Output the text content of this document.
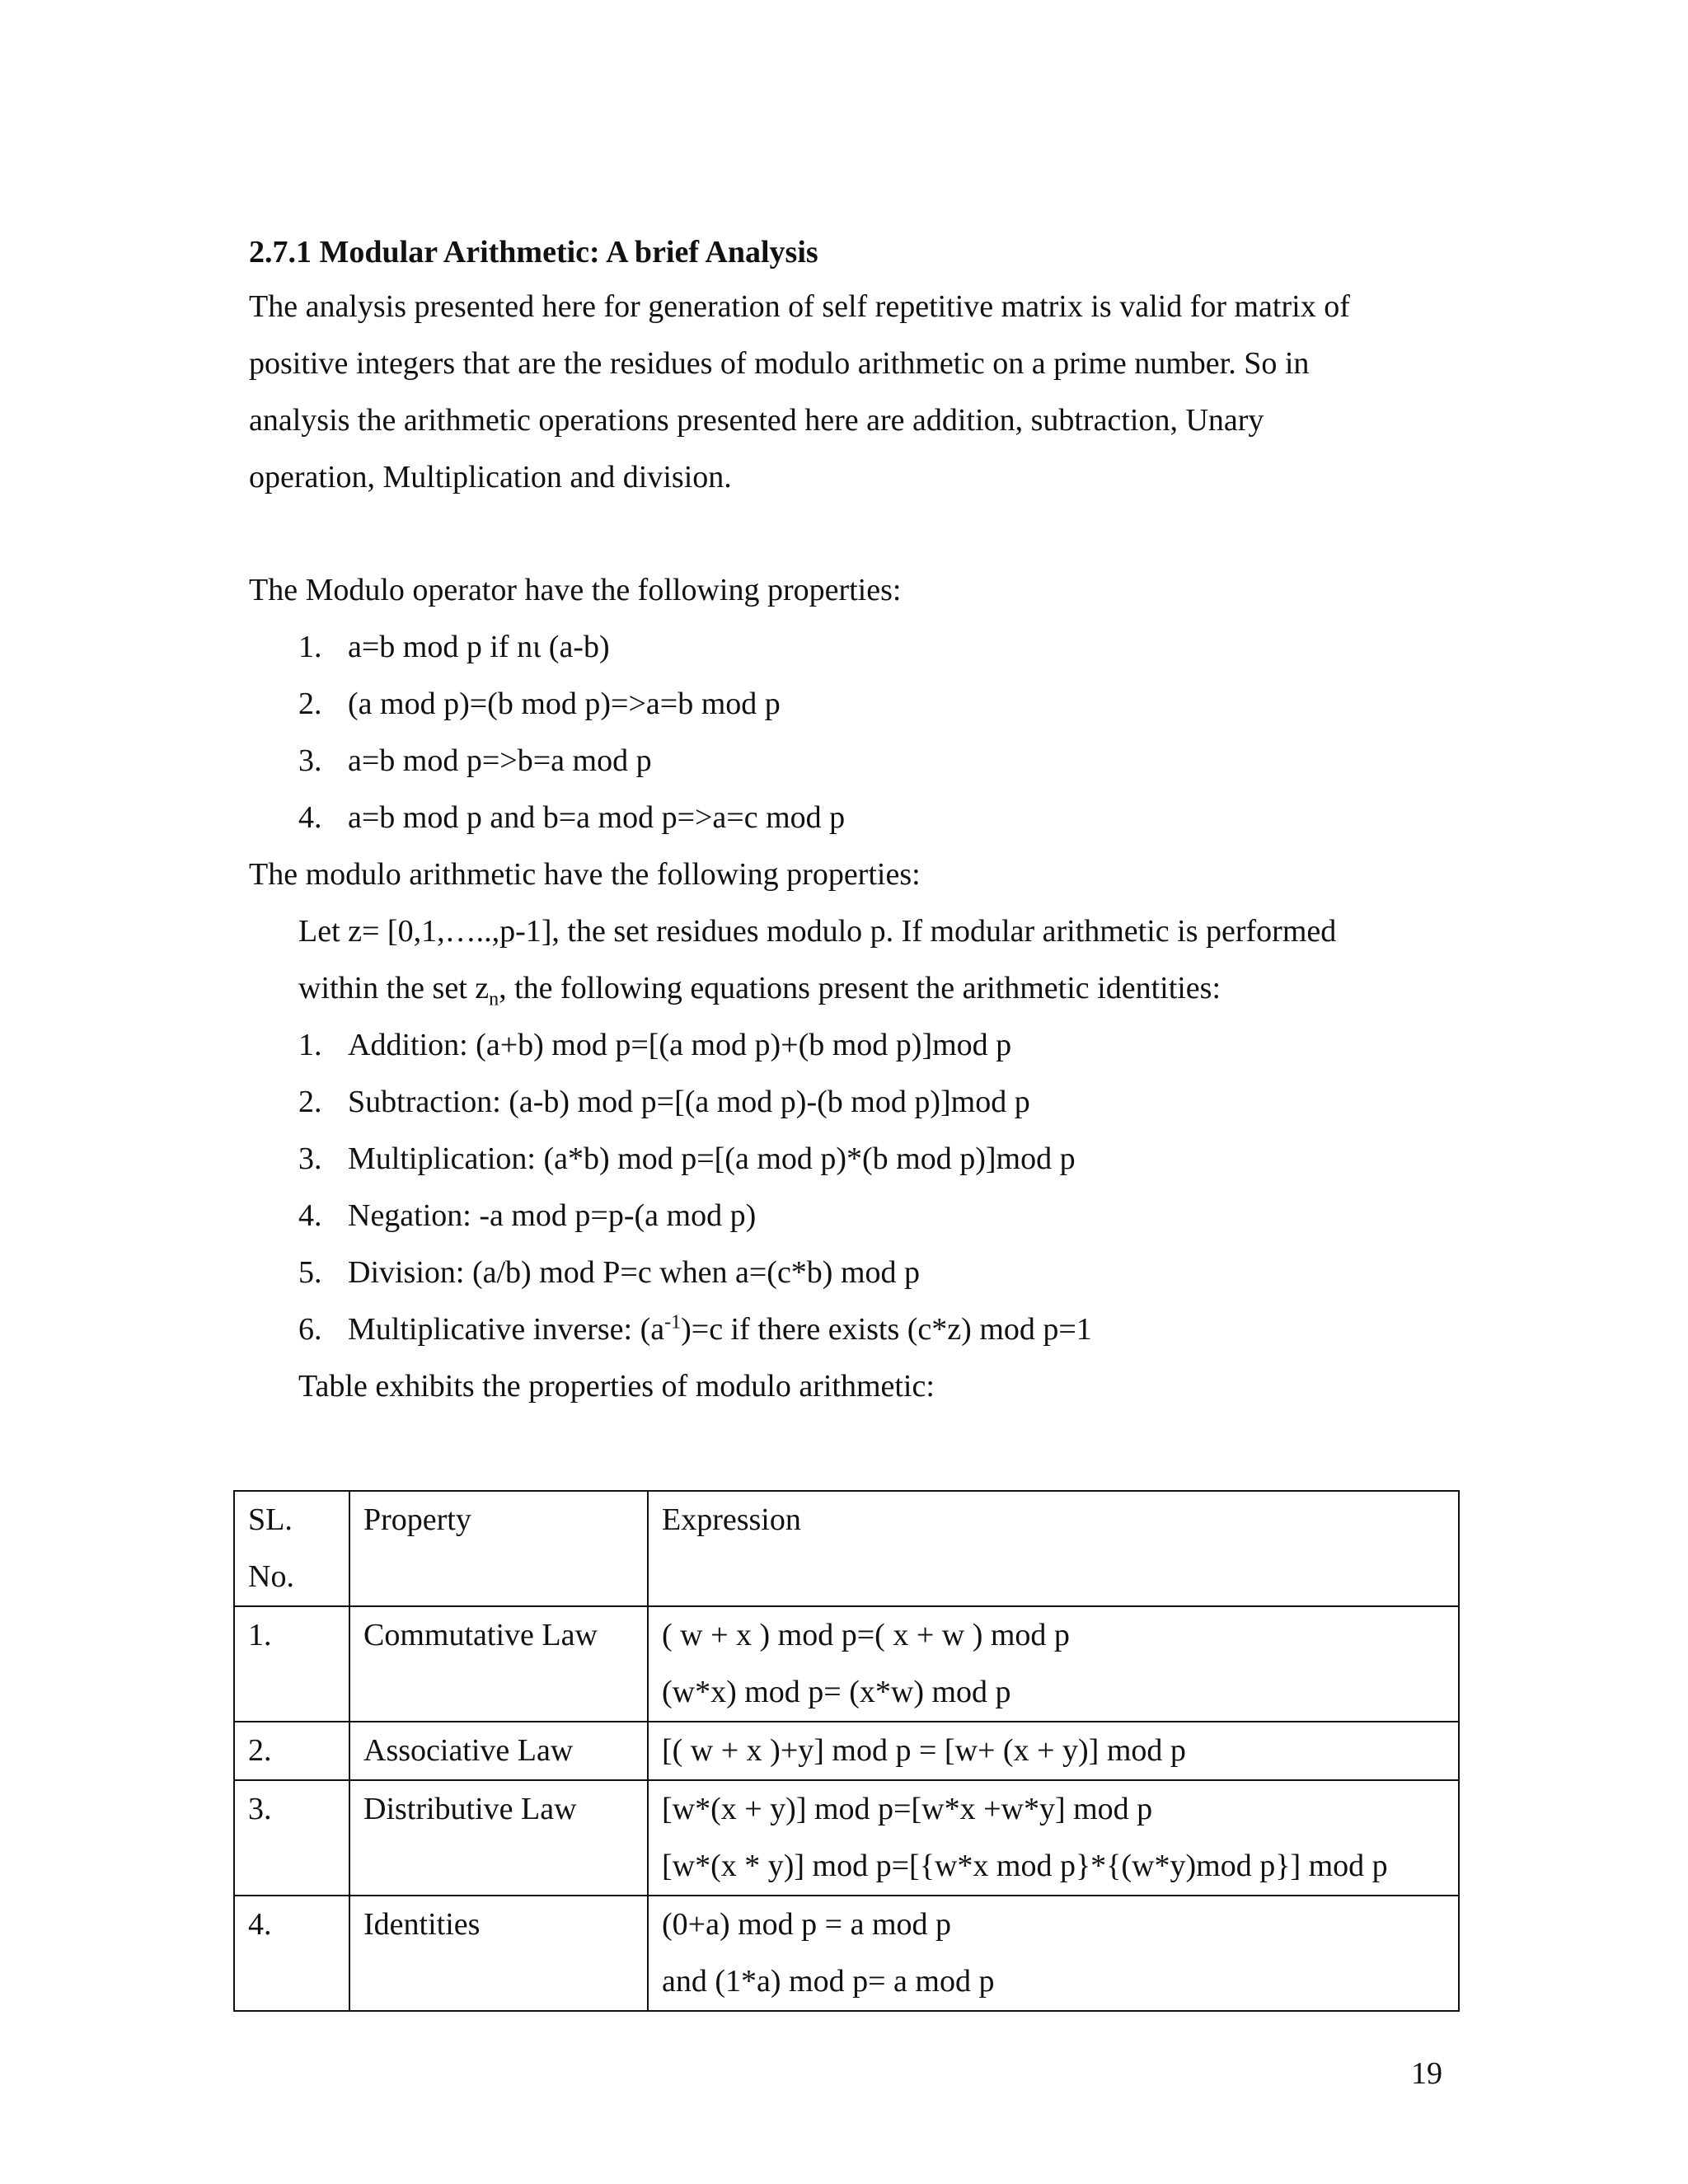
2.7.1 Modular Arithmetic: A brief Analysis

The analysis presented here for generation of self repetitive matrix is valid for matrix of
positive integers that are the residues of modulo arithmetic on a prime number. So in
analysis the arithmetic operations presented here are addition, subtraction, Unary
operation, Multiplication and division.

The Modulo operator have the following properties:

1. a=b mod p if nɩ (a-b)
2. (a mod p)=(b mod p)=>a=b mod p
3. a=b mod p=>b=a mod p
4. a=b mod p and b=a mod p=>a=c mod p

The modulo arithmetic have the following properties:

Let z= [0,1,…..,p-1], the set residues modulo p. If modular arithmetic is performed

within the set $z_n$, the following equations present the arithmetic identities:

1. Addition: (a+b) mod p=[(a mod p)+(b mod p)]mod p
2. Subtraction: (a-b) mod p=[(a mod p)-(b mod p)]mod p
3. Multiplication: (a*b) mod p=[(a mod p)*(b mod p)]mod p
4. Negation: -a mod p=p-(a mod p)
5. Division: (a/b) mod P=c when a=(c*b) mod p
6. Multiplicative inverse: $(a^{-1})=c$ if there exists (c*z) mod p=1

Table exhibits the properties of modulo arithmetic:

SL.
No.	Property	Expression

1.	Commutative Law	( w + x ) mod p=( x + w ) mod p
(w*x) mod p= (x*w) mod p

2.	Associative Law	[( w + x )+y] mod p = [w+ (x + y)] mod p

3.	Distributive Law	[w*(x + y)] mod p=[w*x +w*y] mod p
[w*(x * y)] mod p=[{w*x mod p}*{(w*y)mod p}] mod p

4.	Identities	(0+a) mod p = a mod p
and (1*a) mod p= a mod p
19
